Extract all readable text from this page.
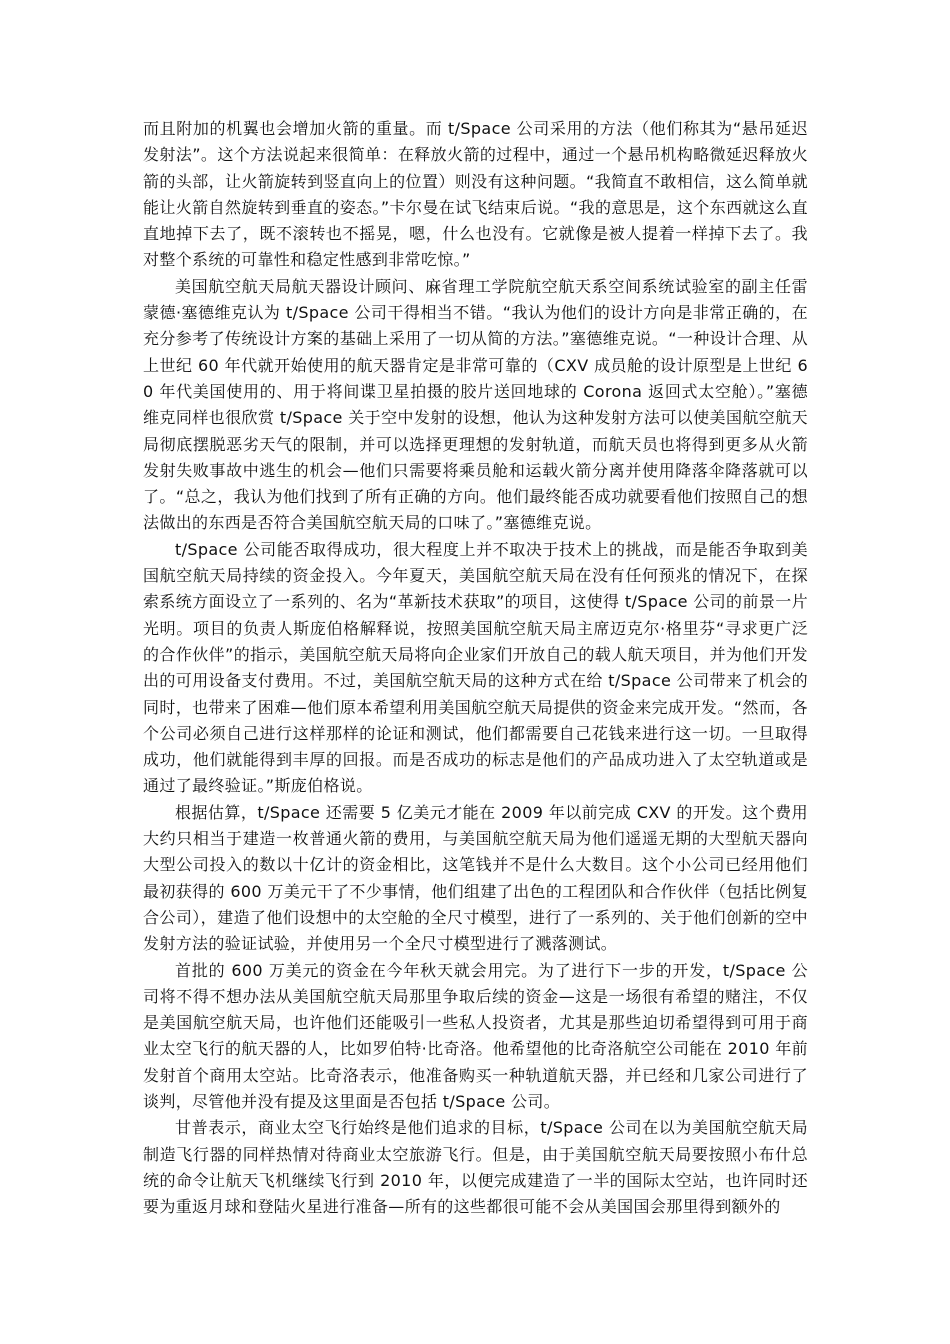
而且附加的机翼也会增加火箭的重量。而 t/Space 公司采用的方法（他们称其为“悬吊延迟发射法”。这个方法说起来很简单：在释放火箭的过程中，通过一个悬吊机构略微延迟释放火箭的头部，让火箭旋转到竖直向上的位置）则没有这种问题。“我简直不敢相信，这么简单就能让火箭自然旋转到垂直的姿态。”卡尔曼在试飞结束后说。“我的意思是，这个东西就这么直直地掉下去了，既不滚转也不摇晃，嗯，什么也没有。它就像是被人提着一样掉下去了。我对整个系统的可靠性和稳定性感到非常吃惊。”

美国航空航天局航天器设计顾问、麻省理工学院航空航天系空间系统试验室的副主任雷蒙德·塞德维克认为 t/Space 公司干得相当不错。“我认为他们的设计方向是非常正确的，在充分参考了传统设计方案的基础上采用了一切从简的方法。”塞德维克说。“一种设计合理、从上世纪 60 年代就开始使用的航天器肯定是非常可靠的（CXV 成员舱的设计原型是上世纪 60 年代美国使用的、用于将间谍卫星拍摄的胶片送回地球的 Corona 返回式太空舱）。”塞德维克同样也很欣赏 t/Space 关于空中发射的设想，他认为这种发射方法可以使美国航空航天局彻底摆脱恶劣天气的限制，并可以选择更理想的发射轨道，而航天员也将得到更多从火箭发射失败事故中逃生的机会—他们只需要将乘员舱和运载火箭分离并使用降落伞降落就可以了。“总之，我认为他们找到了所有正确的方向。他们最终能否成功就要看他们按照自己的想法做出的东西是否符合美国航空航天局的口味了。”塞德维克说。

t/Space 公司能否取得成功，很大程度上并不取决于技术上的挑战，而是能否争取到美国航空航天局持续的资金投入。今年夏天，美国航空航天局在没有任何预兆的情况下，在探索系统方面设立了一系列的、名为“革新技术获取”的项目，这使得 t/Space 公司的前景一片光明。项目的负责人斯庞伯格解释说，按照美国航空航天局主席迈克尔·格里芬“寻求更广泛的合作伙伴”的指示，美国航空航天局将向企业家们开放自己的载人航天项目，并为他们开发出的可用设备支付费用。不过，美国航空航天局的这种方式在给 t/Space 公司带来了机会的同时，也带来了困难—他们原本希望利用美国航空航天局提供的资金来完成开发。“然而，各个公司必须自己进行这样那样的论证和测试，他们都需要自己花钱来进行这一切。一旦取得成功，他们就能得到丰厚的回报。而是否成功的标志是他们的产品成功进入了太空轨道或是通过了最终验证。”斯庞伯格说。

根据估算，t/Space 还需要 5 亿美元才能在 2009 年以前完成 CXV 的开发。这个费用大约只相当于建造一枚普通火箭的费用，与美国航空航天局为他们遥遥无期的大型航天器向大型公司投入的数以十亿计的资金相比，这笔钱并不是什么大数目。这个小公司已经用他们最初获得的 600 万美元干了不少事情，他们组建了出色的工程团队和合作伙伴（包括比例复合公司），建造了他们设想中的太空舱的全尺寸模型，进行了一系列的、关于他们创新的空中发射方法的验证试验，并使用另一个全尺寸模型进行了溅落测试。

首批的 600 万美元的资金在今年秋天就会用完。为了进行下一步的开发，t/Space 公司将不得不想办法从美国航空航天局那里争取后续的资金—这是一场很有希望的赌注，不仅是美国航空航天局，也许他们还能吸引一些私人投资者，尤其是那些迫切希望得到可用于商业太空飞行的航天器的人，比如罗伯特·比奇洛。他希望他的比奇洛航空公司能在 2010 年前发射首个商用太空站。比奇洛表示，他准备购买一种轨道航天器，并已经和几家公司进行了谈判，尽管他并没有提及这里面是否包括 t/Space 公司。

甘普表示，商业太空飞行始终是他们追求的目标，t/Space 公司在以为美国航空航天局制造飞行器的同样热情对待商业太空旅游飞行。但是，由于美国航空航天局要按照小布什总统的命令让航天飞机继续飞行到 2010 年，以便完成建造了一半的国际太空站，也许同时还要为重返月球和登陆火星进行准备—所有的这些都很可能不会从美国国会那里得到额外的
